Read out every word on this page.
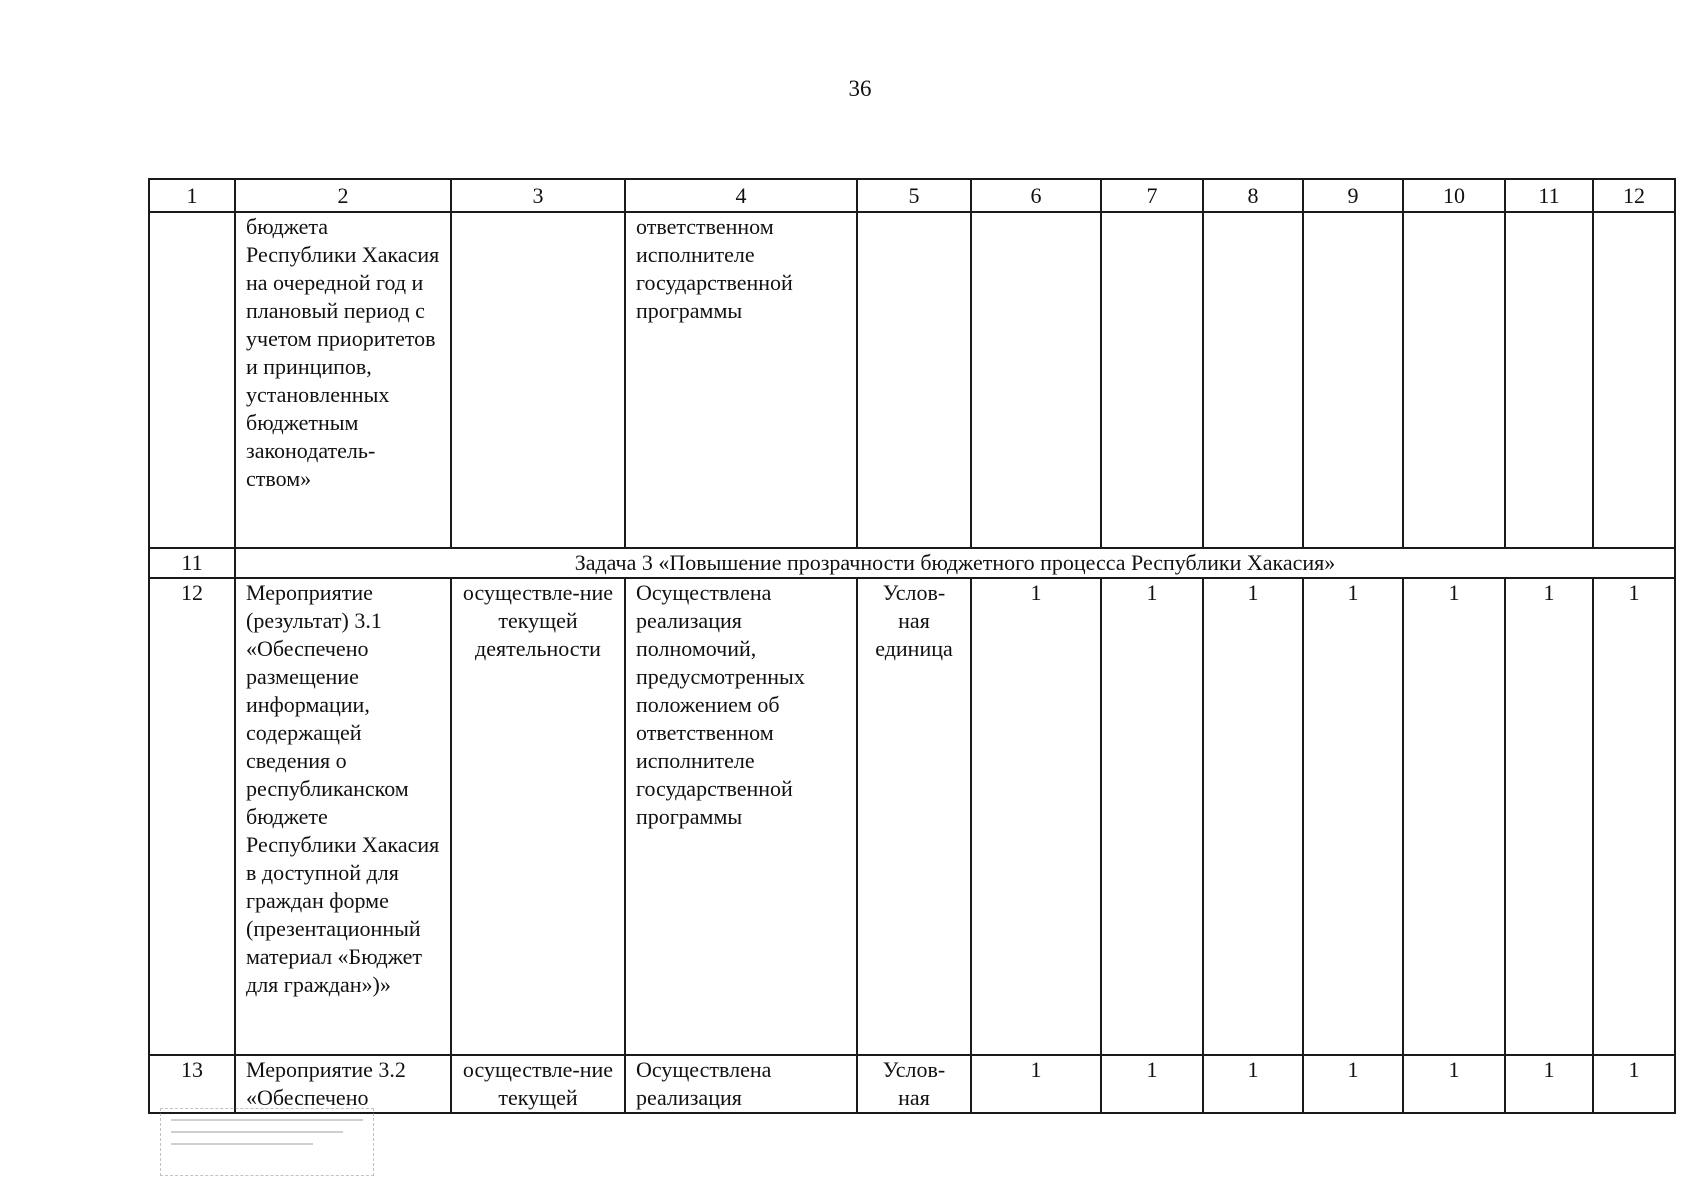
36
1	2	3	4	5	6	7	8	9	10	11	12
	бюджета Республики Хакасия на очередной год и плановый период с учетом приоритетов и принципов, установленных бюджетным законодатель-ством»		ответственном исполнителе государственной программы								
11	Задача 3 «Повышение прозрачности бюджетного процесса Республики Хакасия»										
12	Мероприятие (результат) 3.1 «Обеспечено размещение информации, содержащей сведения о республиканском бюджете Республики Хакасия в доступной для граждан форме (презентационный материал «Бюджет для граждан»)»	осуществле-ние текущей деятельности	Осуществлена реализация полномочий, предусмотренных положением об ответственном исполнителе государственной программы	Услов-ная единица	1	1	1	1	1	1	1
13	Мероприятие 3.2 «Обеспечено	осуществле-ние текущей	Осуществлена реализация	Услов-ная	1	1	1	1	1	1	1
